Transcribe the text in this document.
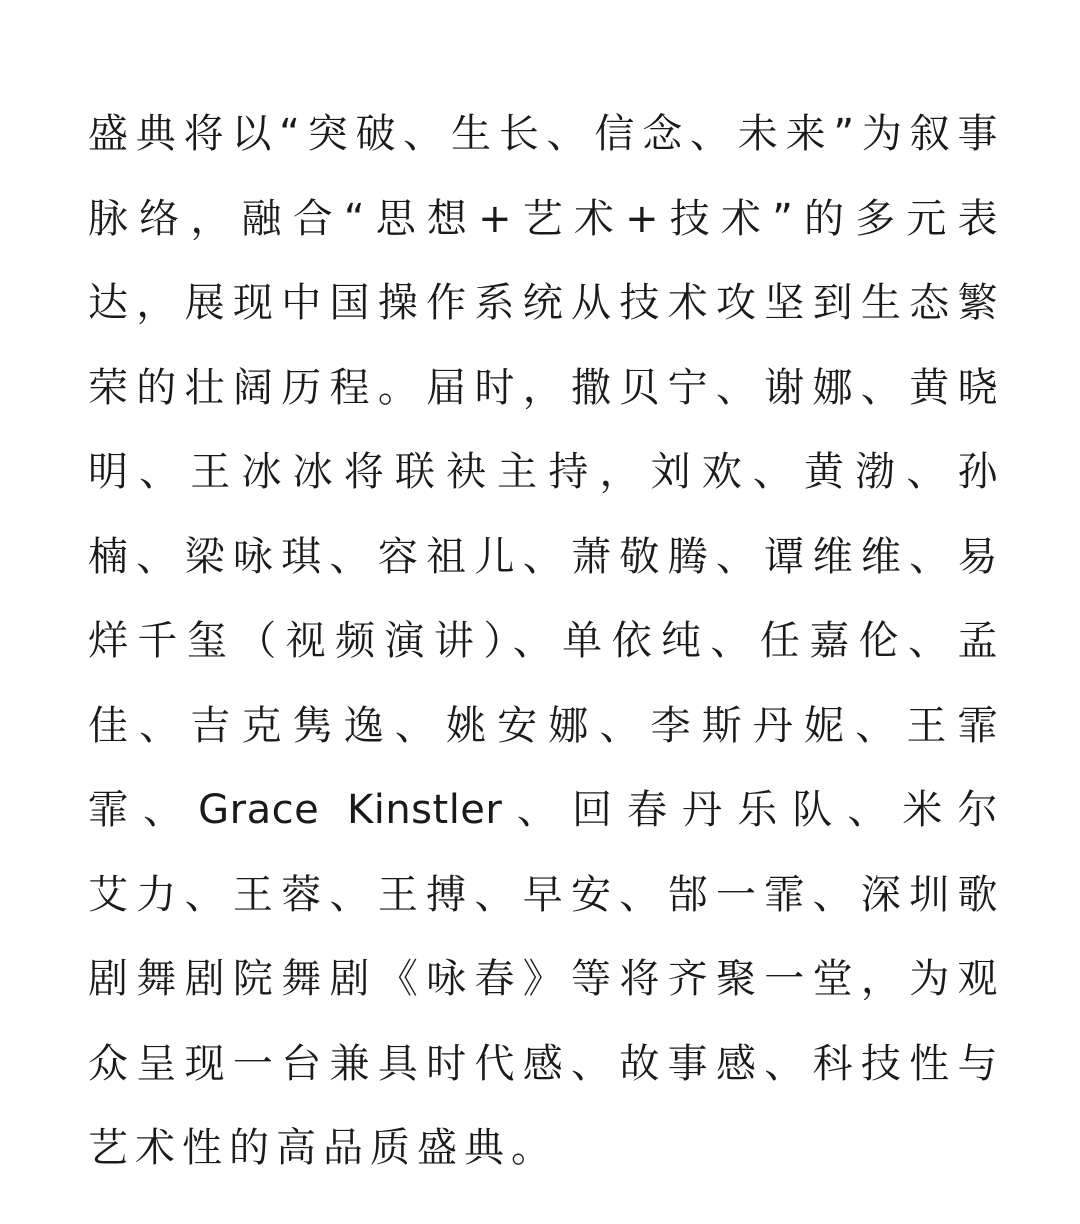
盛典将以“突破、生长、信念、未来”为叙事
脉络，融合“思想+艺术+技术”的多元表
达，展现中国操作系统从技术攻坚到生态繁
荣的壮阔历程。届时，撒贝宁、谢娜、黄晓
明、王冰冰将联袂主持，刘欢、黄渤、孙
楠、梁咏琪、容祖儿、萧敬腾、谭维维、易
烊千玺（视频演讲）、单依纯、任嘉伦、孟
佳、吉克隽逸、姚安娜、李斯丹妮、王霏
霏、Grace Kinstler、回春丹乐队、米尔
艾力、王蓉、王搏、早安、郜一霏、深圳歌
剧舞剧院舞剧《咏春》等将齐聚一堂，为观
众呈现一台兼具时代感、故事感、科技性与
艺术性的高品质盛典。
